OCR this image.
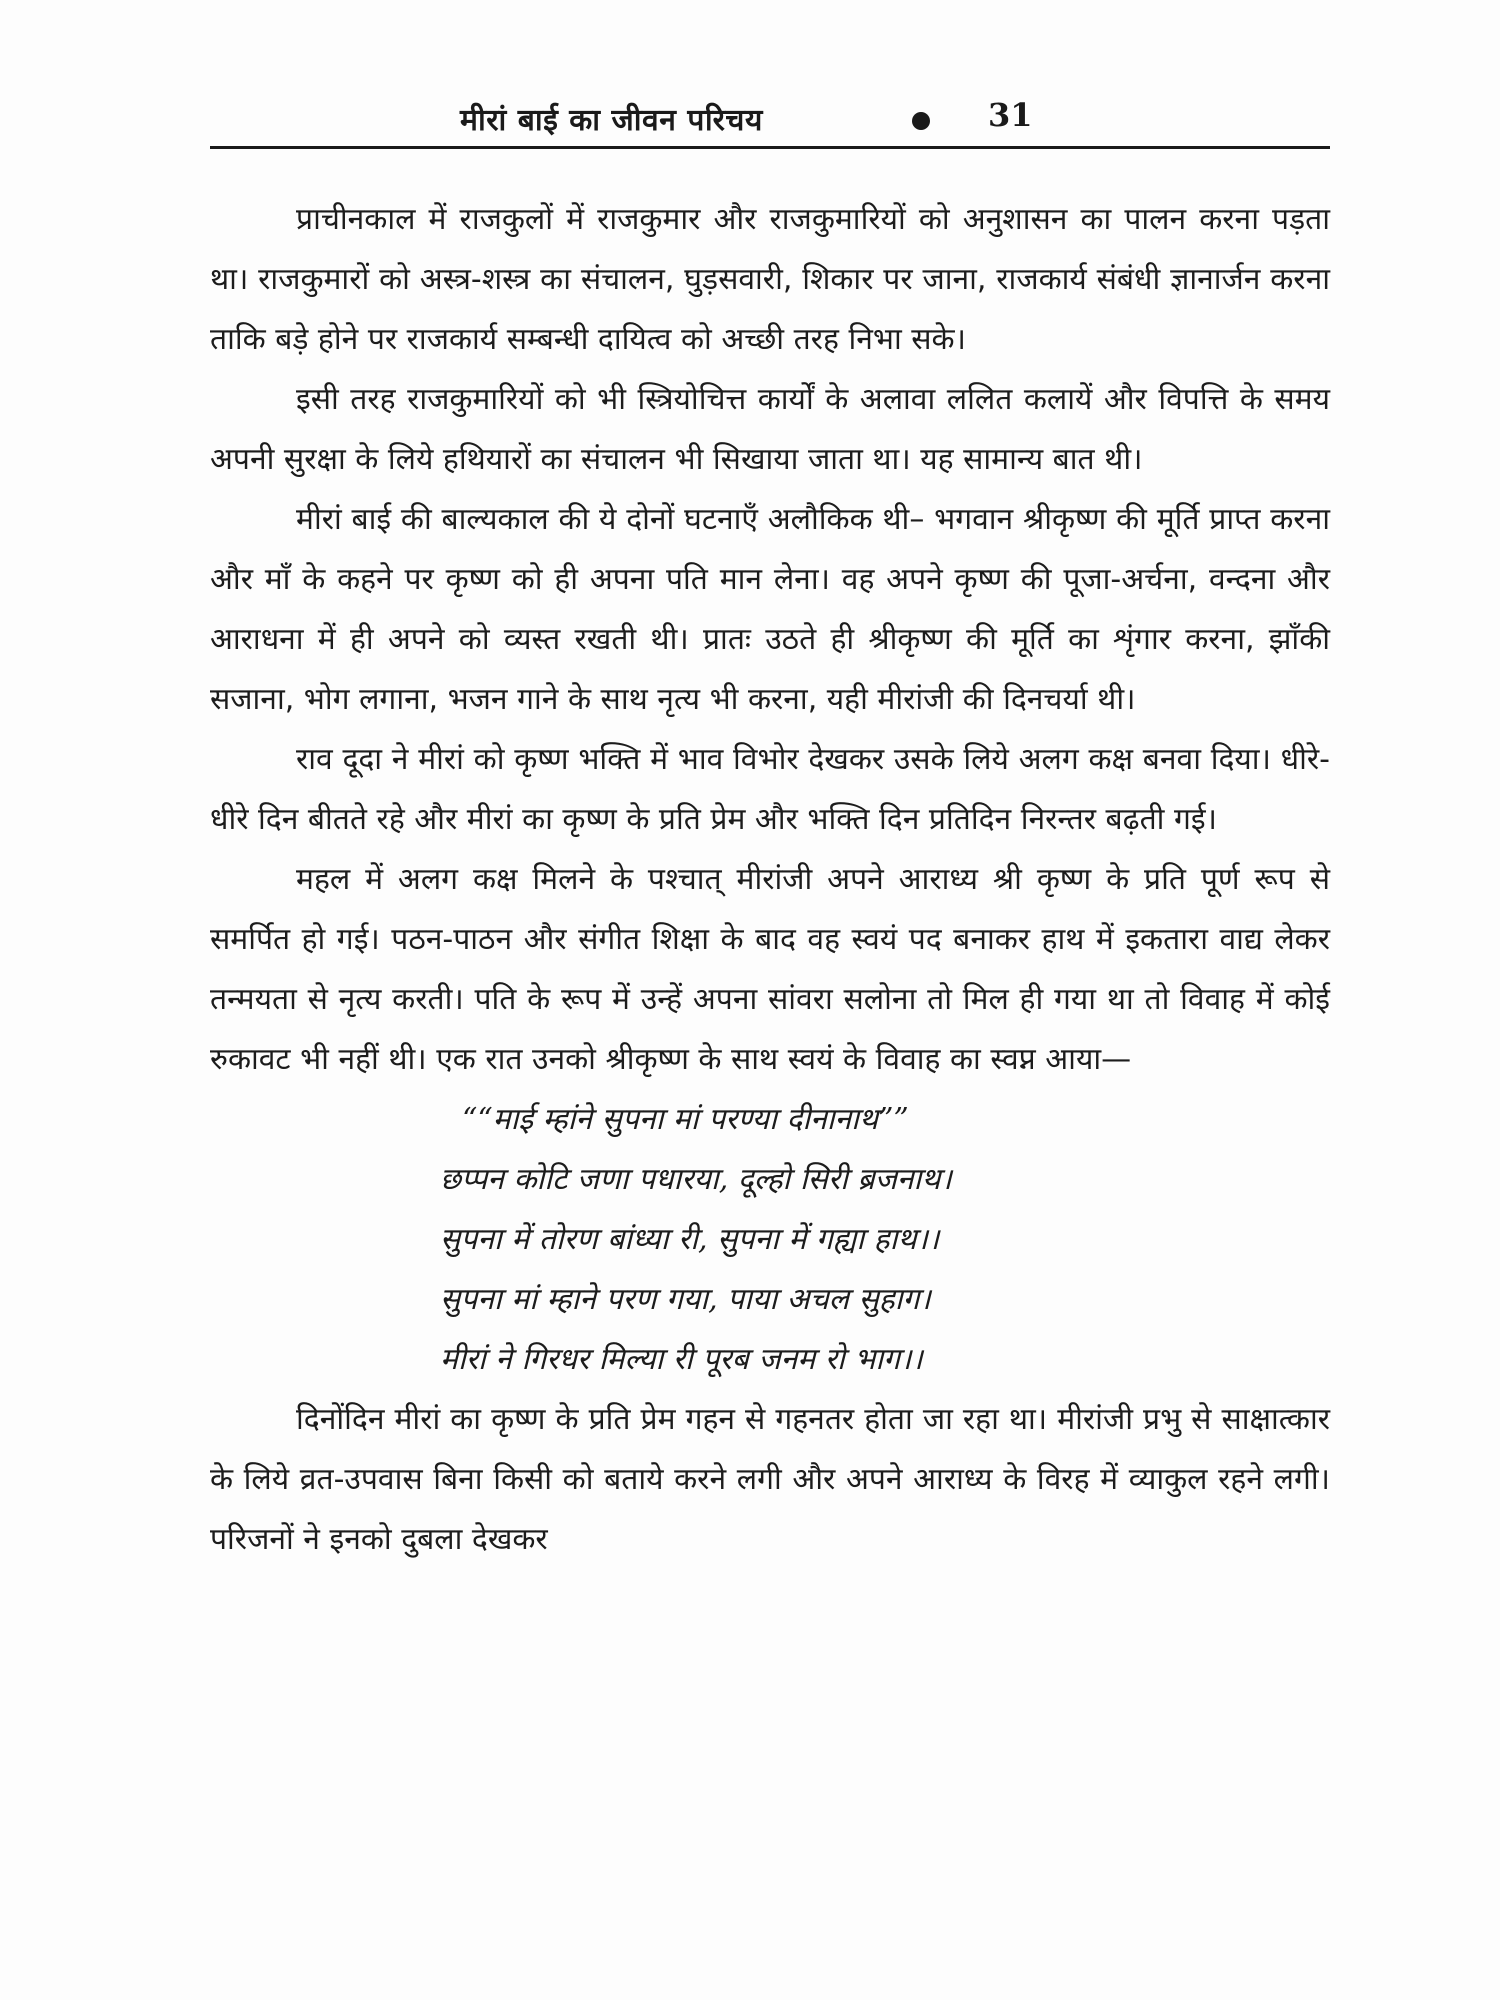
मीरां बाई का जीवन परिचय	31

प्राचीनकाल में राजकुलों में राजकुमार और राजकुमारियों को अनुशासन का पालन करना पड़ता था। राजकुमारों को अस्त्र-शस्त्र का संचालन, घुड़सवारी, शिकार पर जाना, राजकार्य संबंधी ज्ञानार्जन करना ताकि बड़े होने पर राजकार्य सम्बन्धी दायित्व को अच्छी तरह निभा सके।

इसी तरह राजकुमारियों को भी स्त्रियोचित्त कार्यों के अलावा ललित कलायें और विपत्ति के समय अपनी सुरक्षा के लिये हथियारों का संचालन भी सिखाया जाता था। यह सामान्य बात थी।

मीरां बाई की बाल्यकाल की ये दोनों घटनाएँ अलौकिक थी– भगवान श्रीकृष्ण की मूर्ति प्राप्त करना और माँ के कहने पर कृष्ण को ही अपना पति मान लेना। वह अपने कृष्ण की पूजा-अर्चना, वन्दना और आराधना में ही अपने को व्यस्त रखती थी। प्रातः उठते ही श्रीकृष्ण की मूर्ति का शृंगार करना, झाँकी सजाना, भोग लगाना, भजन गाने के साथ नृत्य भी करना, यही मीरांजी की दिनचर्या थी।

राव दूदा ने मीरां को कृष्ण भक्ति में भाव विभोर देखकर उसके लिये अलग कक्ष बनवा दिया। धीरे-धीरे दिन बीतते रहे और मीरां का कृष्ण के प्रति प्रेम और भक्ति दिन प्रतिदिन निरन्तर बढ़ती गई।

महल में अलग कक्ष मिलने के पश्चात् मीरांजी अपने आराध्य श्री कृष्ण के प्रति पूर्ण रूप से समर्पित हो गई। पठन-पाठन और संगीत शिक्षा के बाद वह स्वयं पद बनाकर हाथ में इकतारा वाद्य लेकर तन्मयता से नृत्य करती। पति के रूप में उन्हें अपना सांवरा सलोना तो मिल ही गया था तो विवाह में कोई रुकावट भी नहीं थी। एक रात उनको श्रीकृष्ण के साथ स्वयं के विवाह का स्वप्न आया—

““माई म्हांने सुपना मां परण्या दीनानाथ””
छप्पन कोटि जणा पधारया, दूल्हो सिरी ब्रजनाथ।
सुपना में तोरण बांध्या री, सुपना में गह्या हाथ।।
सुपना मां म्हाने परण गया, पाया अचल सुहाग।
मीरां ने गिरधर मिल्या री पूरब जनम रो भाग।।

दिनोंदिन मीरां का कृष्ण के प्रति प्रेम गहन से गहनतर होता जा रहा था। मीरांजी प्रभु से साक्षात्कार के लिये व्रत-उपवास बिना किसी को बताये करने लगी और अपने आराध्य के विरह में व्याकुल रहने लगी। परिजनों ने इनको दुबला देखकर
